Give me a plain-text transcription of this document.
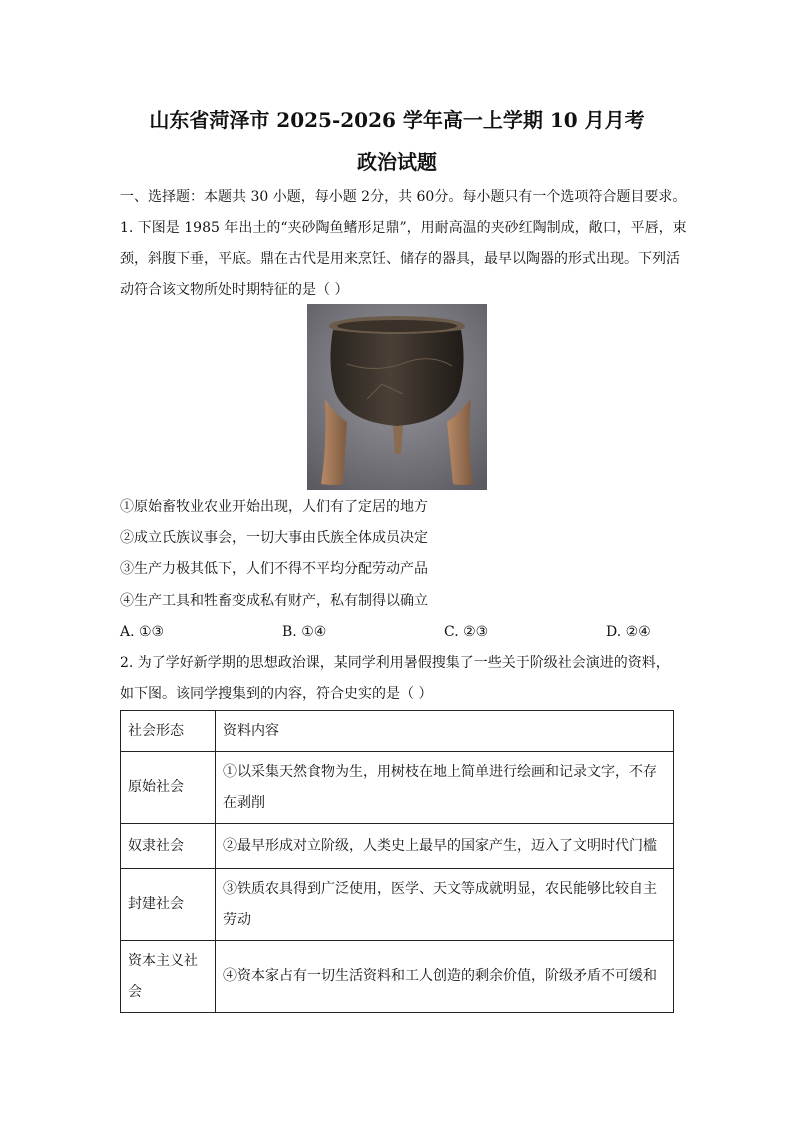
山东省菏泽市 2025-2026 学年高一上学期 10 月月考
政治试题
一、选择题：本题共 30 小题，每小题 2分，共 60分。每小题只有一个选项符合题目要求。
1. 下图是 1985 年出土的“夹砂陶鱼鳍形足鼎”，用耐高温的夹砂红陶制成，敞口，平唇，束
颈，斜腹下垂，平底。鼎在古代是用来烹饪、储存的器具，最早以陶器的形式出现。下列活
动符合该文物所处时期特征的是（ ）
①原始畜牧业农业开始出现，人们有了定居的地方
②成立氏族议事会，一切大事由氏族全体成员决定
③生产力极其低下，人们不得不平均分配劳动产品
④生产工具和牲畜变成私有财产，私有制得以确立
A. ①③	B. ①④	C. ②③	D. ②④
2. 为了学好新学期的思想政治课，某同学利用暑假搜集了一些关于阶级社会演进的资料，
如下图。该同学搜集到的内容，符合史实的是（ ）
社会形态	资料内容
原始社会	①以采集天然食物为生，用树枝在地上简单进行绘画和记录文字，不存在剥削
奴隶社会	②最早形成对立阶级，人类史上最早的国家产生，迈入了文明时代门槛
封建社会	③铁质农具得到广泛使用，医学、天文等成就明显，农民能够比较自主劳动
资本主义社会	④资本家占有一切生活资料和工人创造的剩余价值，阶级矛盾不可缓和
